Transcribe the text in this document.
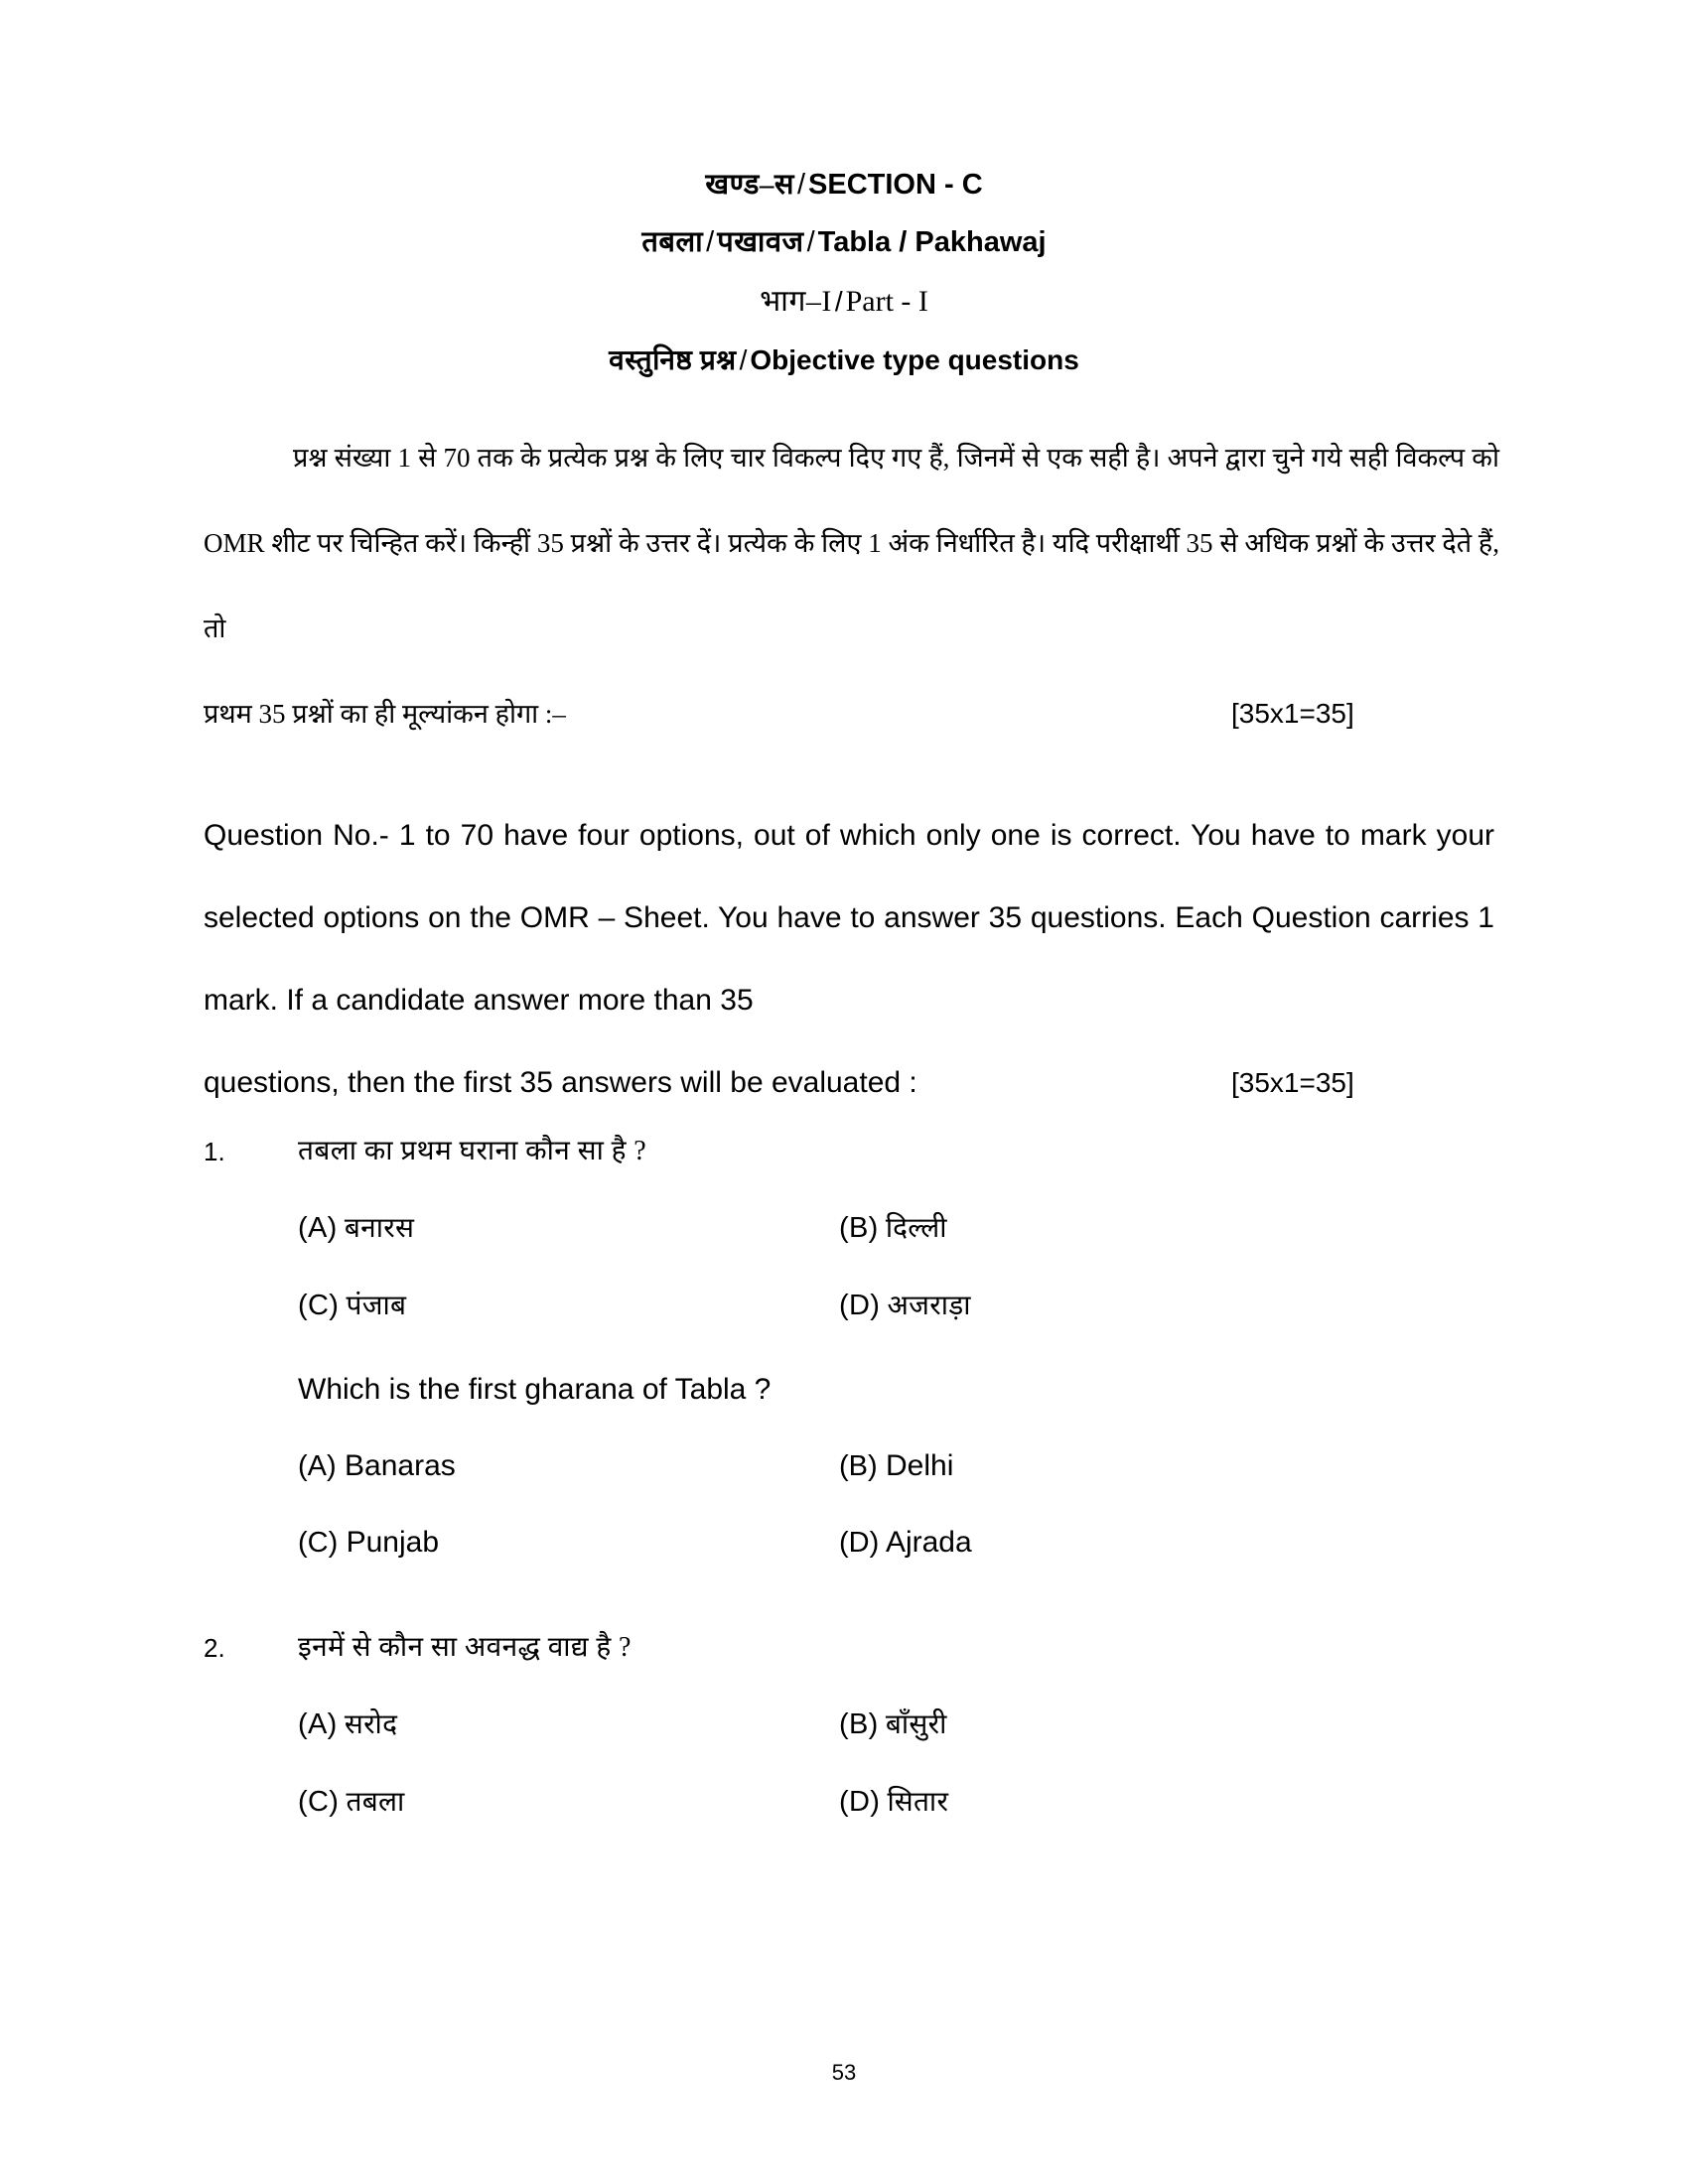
खण्ड–स / SECTION - C
तबला / पखावज / Tabla / Pakhawaj
भाग–I / Part - I
वस्तुनिष्ठ प्रश्न / Objective type questions
प्रश्न संख्या 1 से 70 तक के प्रत्येक प्रश्न के लिए चार विकल्प दिए गए हैं, जिनमें से एक सही है। अपने द्वारा चुने गये सही विकल्प को OMR शीट पर चिन्हित करें। किन्हीं 35 प्रश्नों के उत्तर दें। प्रत्येक के लिए 1 अंक निर्धारित है। यदि परीक्षार्थी 35 से अधिक प्रश्नों के उत्तर देते हैं, तो
प्रथम 35 प्रश्नों का ही मूल्यांकन होगा :–	[35x1=35]
Question No.- 1 to 70 have four options, out of which only one is correct. You have to mark your selected options on the OMR – Sheet. You have to answer 35 questions. Each Question carries 1 mark. If a candidate answer more than 35
questions, then the first 35 answers will be evaluated :	[35x1=35]
1.	तबला का प्रथम घराना कौन सा है ?
(A) बनारस	(B) दिल्ली
(C) पंजाब	(D) अजराड़ा
Which is the first gharana of Tabla ?
(A) Banaras	(B) Delhi
(C) Punjab	(D) Ajrada
2.	इनमें से कौन सा अवनद्ध वाद्य है ?
(A) सरोद	(B) बाँसुरी
(C) तबला	(D) सितार
53
